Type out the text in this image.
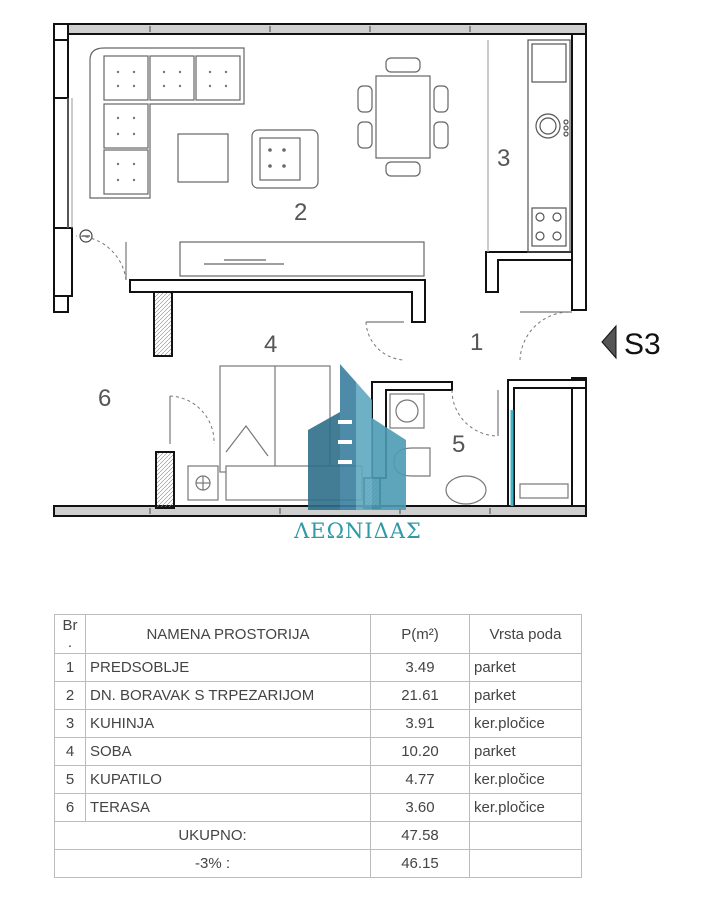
ΛΕΩΝΙΔΑΣ
1
2
3
4
5
6
S3
Br .	NAMENA PROSTORIJA	P(m²)	Vrsta poda
1	PREDSOBLJE	3.49	parket
2	DN. BORAVAK S TRPEZARIJOM	21.61	parket
3	KUHINJA	3.91	ker.pločice
4	SOBA	10.20	parket
5	KUPATILO	4.77	ker.pločice
6	TERASA	3.60	ker.pločice
UKUPNO:		47.58	
-3% :		46.15	
